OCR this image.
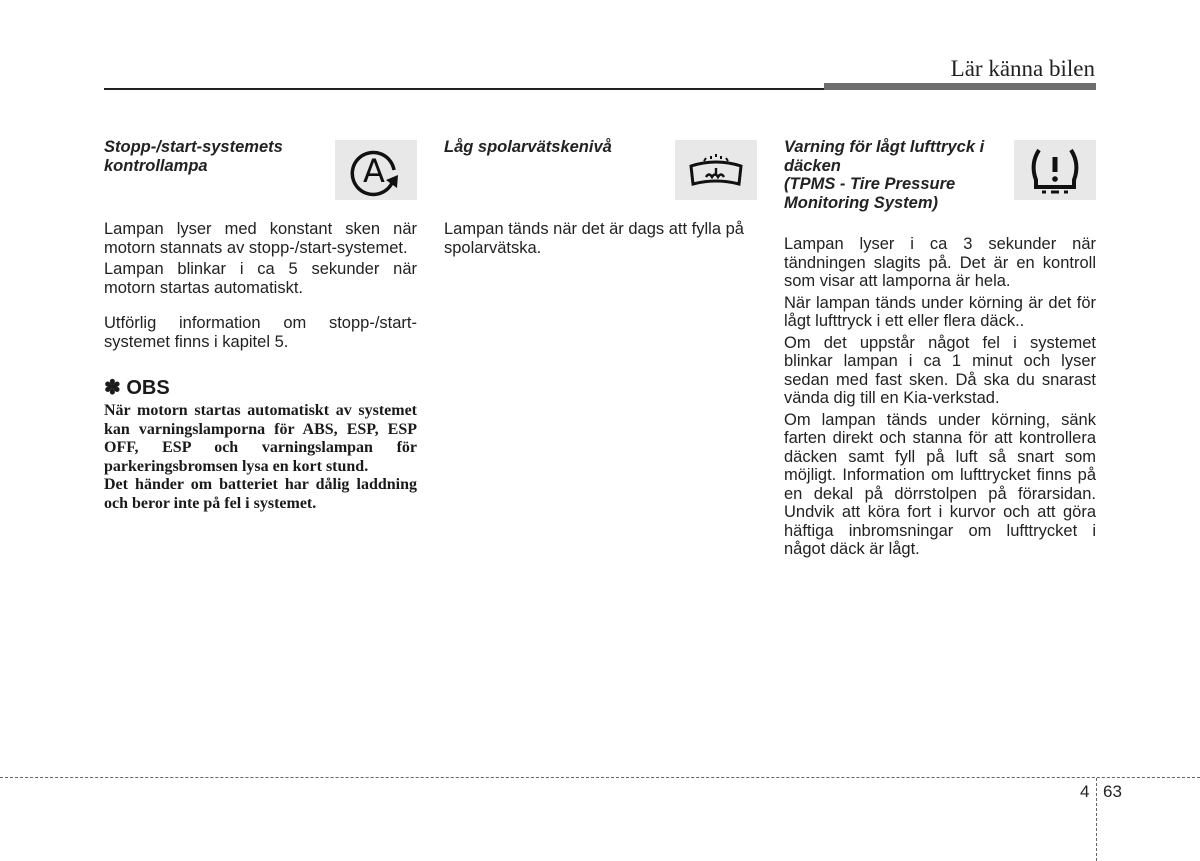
Lär känna bilen

Stopp-/start-systemets
kontrollampa	A

Lampan lyser med konstant sken när motorn stannats av stopp-/start-systemet.

Lampan blinkar i ca 5 sekunder när motorn startas automatiskt.

Utförlig information om stopp-/start-systemet finns i kapitel 5.

✽ OBS

När motorn startas automatiskt av systemet kan varningslamporna för ABS, ESP, ESP OFF, ESP och varningslampan för parkeringsbromsen lysa en kort stund.

Det händer om batteriet har dålig laddning och beror inte på fel i systemet.

Låg spolarvätskenivå

Lampan tänds när det är dags att fylla på spolarvätska.

Varning för lågt lufttryck i
däcken
(TPMS - Tire Pressure
Monitoring System)

Lampan lyser i ca 3 sekunder när tändningen slagits på. Det är en kontroll som visar att lamporna är hela.

När lampan tänds under körning är det för lågt lufttryck i ett eller flera däck..

Om det uppstår något fel i systemet blinkar lampan i ca 1 minut och lyser sedan med fast sken. Då ska du snarast vända dig till en Kia-verkstad.

Om lampan tänds under körning, sänk farten direkt och stanna för att kontrollera däcken samt fyll på luft så snart som möjligt. Information om lufttrycket finns på en dekal på dörrstolpen på förarsidan. Undvik att köra fort i kurvor och att göra häftiga inbromsningar om lufttrycket i något däck är lågt.

4 63
